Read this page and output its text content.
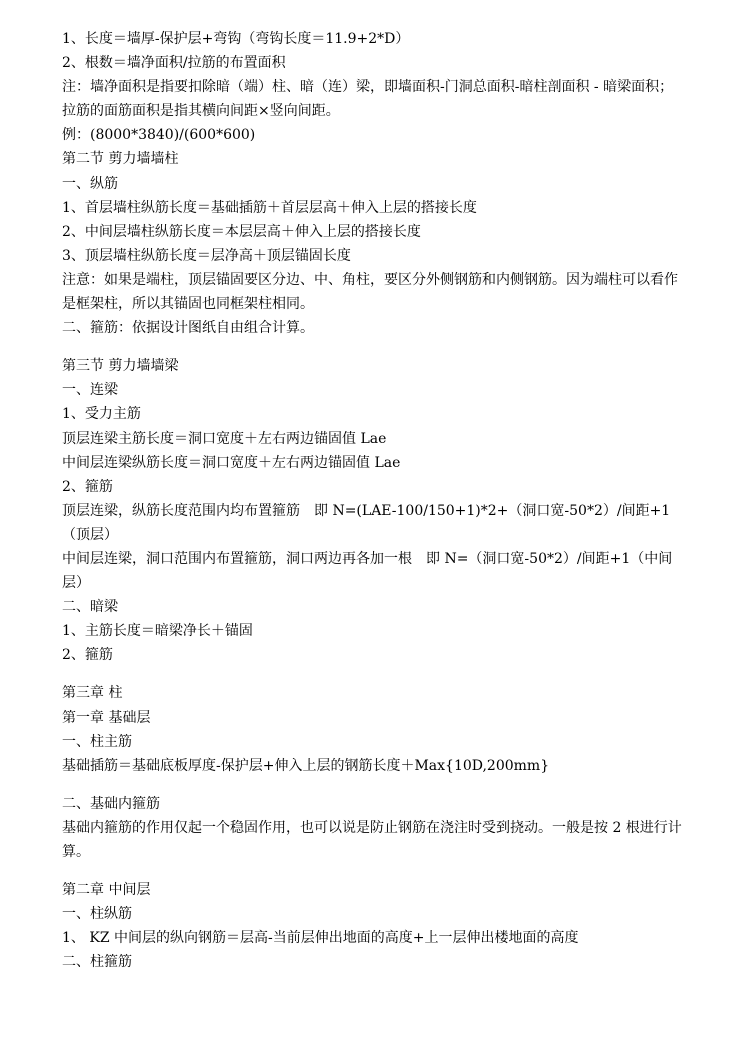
1、长度＝墙厚-保护层+弯钩（弯钩长度＝11.9+2*D）

2、根数＝墙净面积/拉筋的布置面积

注：墙净面积是指要扣除暗（端）柱、暗（连）梁，即墙面积-门洞总面积-暗柱剖面积 - 暗梁面积；

拉筋的面筋面积是指其横向间距×竖向间距。

例：(8000*3840)/(600*600)

第二节 剪力墙墙柱

一、纵筋

1、首层墙柱纵筋长度＝基础插筋＋首层层高＋伸入上层的搭接长度

2、中间层墙柱纵筋长度＝本层层高＋伸入上层的搭接长度

3、顶层墙柱纵筋长度＝层净高＋顶层锚固长度

注意：如果是端柱，顶层锚固要区分边、中、角柱，要区分外侧钢筋和内侧钢筋。因为端柱可以看作是框架柱，所以其锚固也同框架柱相同。

二、箍筋：依据设计图纸自由组合计算。

第三节 剪力墙墙梁

一、连梁

1、受力主筋

顶层连梁主筋长度＝洞口宽度＋左右两边锚固值 Lae

中间层连梁纵筋长度＝洞口宽度＋左右两边锚固值 Lae

2、箍筋

顶层连梁，纵筋长度范围内均布置箍筋　即 N=(LAE-100/150+1)*2+（洞口宽-50*2）/间距+1（顶层）

中间层连梁，洞口范围内布置箍筋，洞口两边再各加一根　即 N=（洞口宽-50*2）/间距+1（中间层）

二、暗梁

1、主筋长度＝暗梁净长＋锚固

2、箍筋

第三章 柱

第一章 基础层

一、柱主筋

基础插筋＝基础底板厚度-保护层+伸入上层的钢筋长度＋Max{10D,200mm}

二、基础内箍筋

基础内箍筋的作用仅起一个稳固作用，也可以说是防止钢筋在浇注时受到挠动。一般是按 2 根进行计算。

第二章 中间层

一、柱纵筋

1、 KZ 中间层的纵向钢筋＝层高-当前层伸出地面的高度+上一层伸出楼地面的高度

二、柱箍筋
